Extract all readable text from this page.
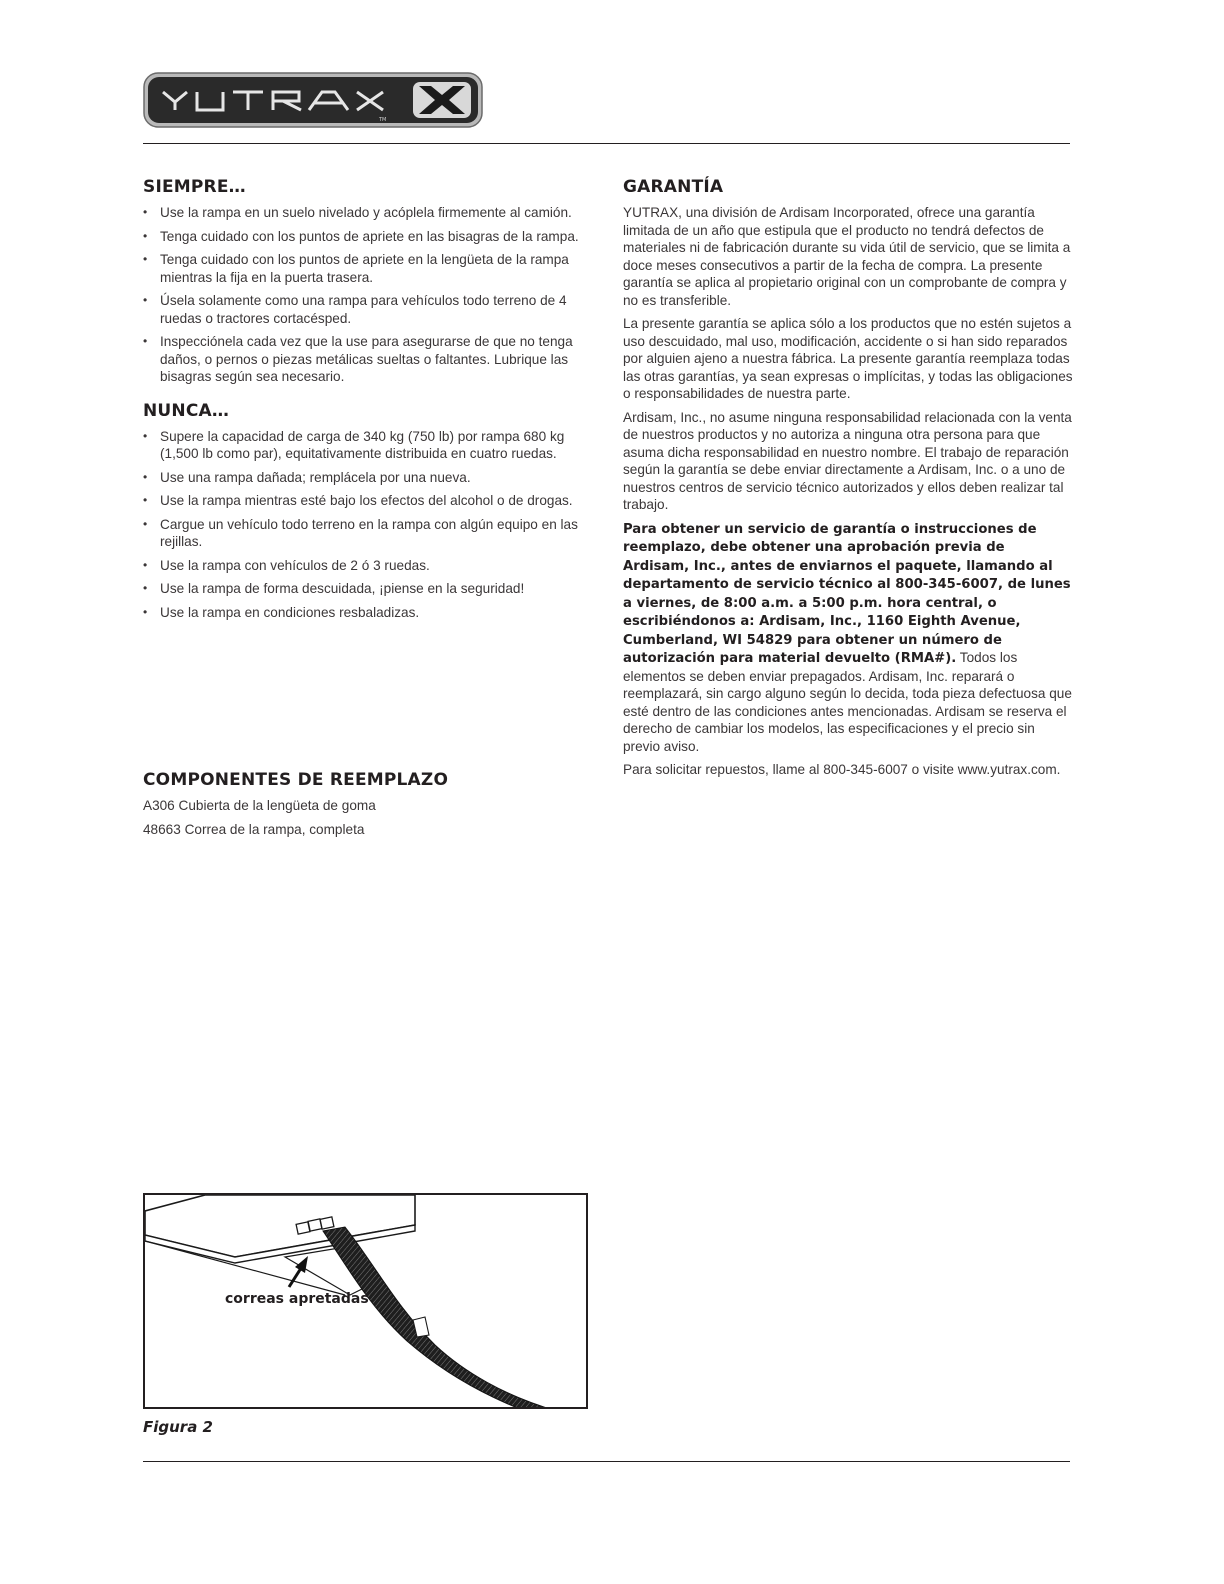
TM
SIEMPRE…
• Use la rampa en un suelo nivelado y acóplela firmemente al camión.
• Tenga cuidado con los puntos de apriete en las bisagras de la rampa.
• Tenga cuidado con los puntos de apriete en la lengüeta de la rampa mientras la fija en la puerta trasera.
• Úsela solamente como una rampa para vehículos todo terreno de 4 ruedas o tractores cortacésped.
• Inspecciónela cada vez que la use para asegurarse de que no tenga daños, o pernos o piezas metálicas sueltas o faltantes. Lubrique las bisagras según sea necesario.
NUNCA…
• Supere la capacidad de carga de 340 kg (750 lb) por rampa 680 kg (1,500 lb como par), equitativamente distribuida en cuatro ruedas.
• Use una rampa dañada; remplácela por una nueva.
• Use la rampa mientras esté bajo los efectos del alcohol o de drogas.
• Cargue un vehículo todo terreno en la rampa con algún equipo en las rejillas.
• Use la rampa con vehículos de 2 ó 3 ruedas.
• Use la rampa de forma descuidada, ¡piense en la seguridad!
• Use la rampa en condiciones resbaladizas.
COMPONENTES DE REEMPLAZO

A306 Cubierta de la lengüeta de goma

48663 Correa de la rampa, completa

GARANTÍA

YUTRAX, una división de Ardisam Incorporated, ofrece una garantía limitada de un año que estipula que el producto no tendrá defectos de materiales ni de fabricación durante su vida útil de servicio, que se limita a doce meses consecutivos a partir de la fecha de compra. La presente garantía se aplica al propietario original con un comprobante de compra y no es transferible.

La presente garantía se aplica sólo a los productos que no estén sujetos a uso descuidado, mal uso, modificación, accidente o si han sido reparados por alguien ajeno a nuestra fábrica. La presente garantía reemplaza todas las otras garantías, ya sean expresas o implícitas, y todas las obligaciones o responsabilidades de nuestra parte.

Ardisam, Inc., no asume ninguna responsabilidad relacionada con la venta de nuestros productos y no autoriza a ninguna otra persona para que asuma dicha responsabilidad en nuestro nombre. El trabajo de reparación según la garantía se debe enviar directamente a Ardisam, Inc. o a uno de nuestros centros de servicio técnico autorizados y ellos deben realizar tal trabajo.

Para obtener un servicio de garantía o instrucciones de reemplazo, debe obtener una aprobación previa de Ardisam, Inc., antes de enviarnos el paquete, llamando al departamento de servicio técnico al 800-345-6007, de lunes a viernes, de 8:00 a.m. a 5:00 p.m. hora central, o escribiéndonos a: Ardisam, Inc., 1160 Eighth Avenue, Cumberland, WI 54829 para obtener un número de autorización para material devuelto (RMA#). Todos los elementos se deben enviar prepagados. Ardisam, Inc. reparará o reemplazará, sin cargo alguno según lo decida, toda pieza defectuosa que esté dentro de las condiciones antes mencionadas. Ardisam se reserva el derecho de cambiar los modelos, las especificaciones y el precio sin previo aviso.

Para solicitar repuestos, llame al 800-345-6007 o visite www.yutrax.com.

correas apretadas
Figura 2
